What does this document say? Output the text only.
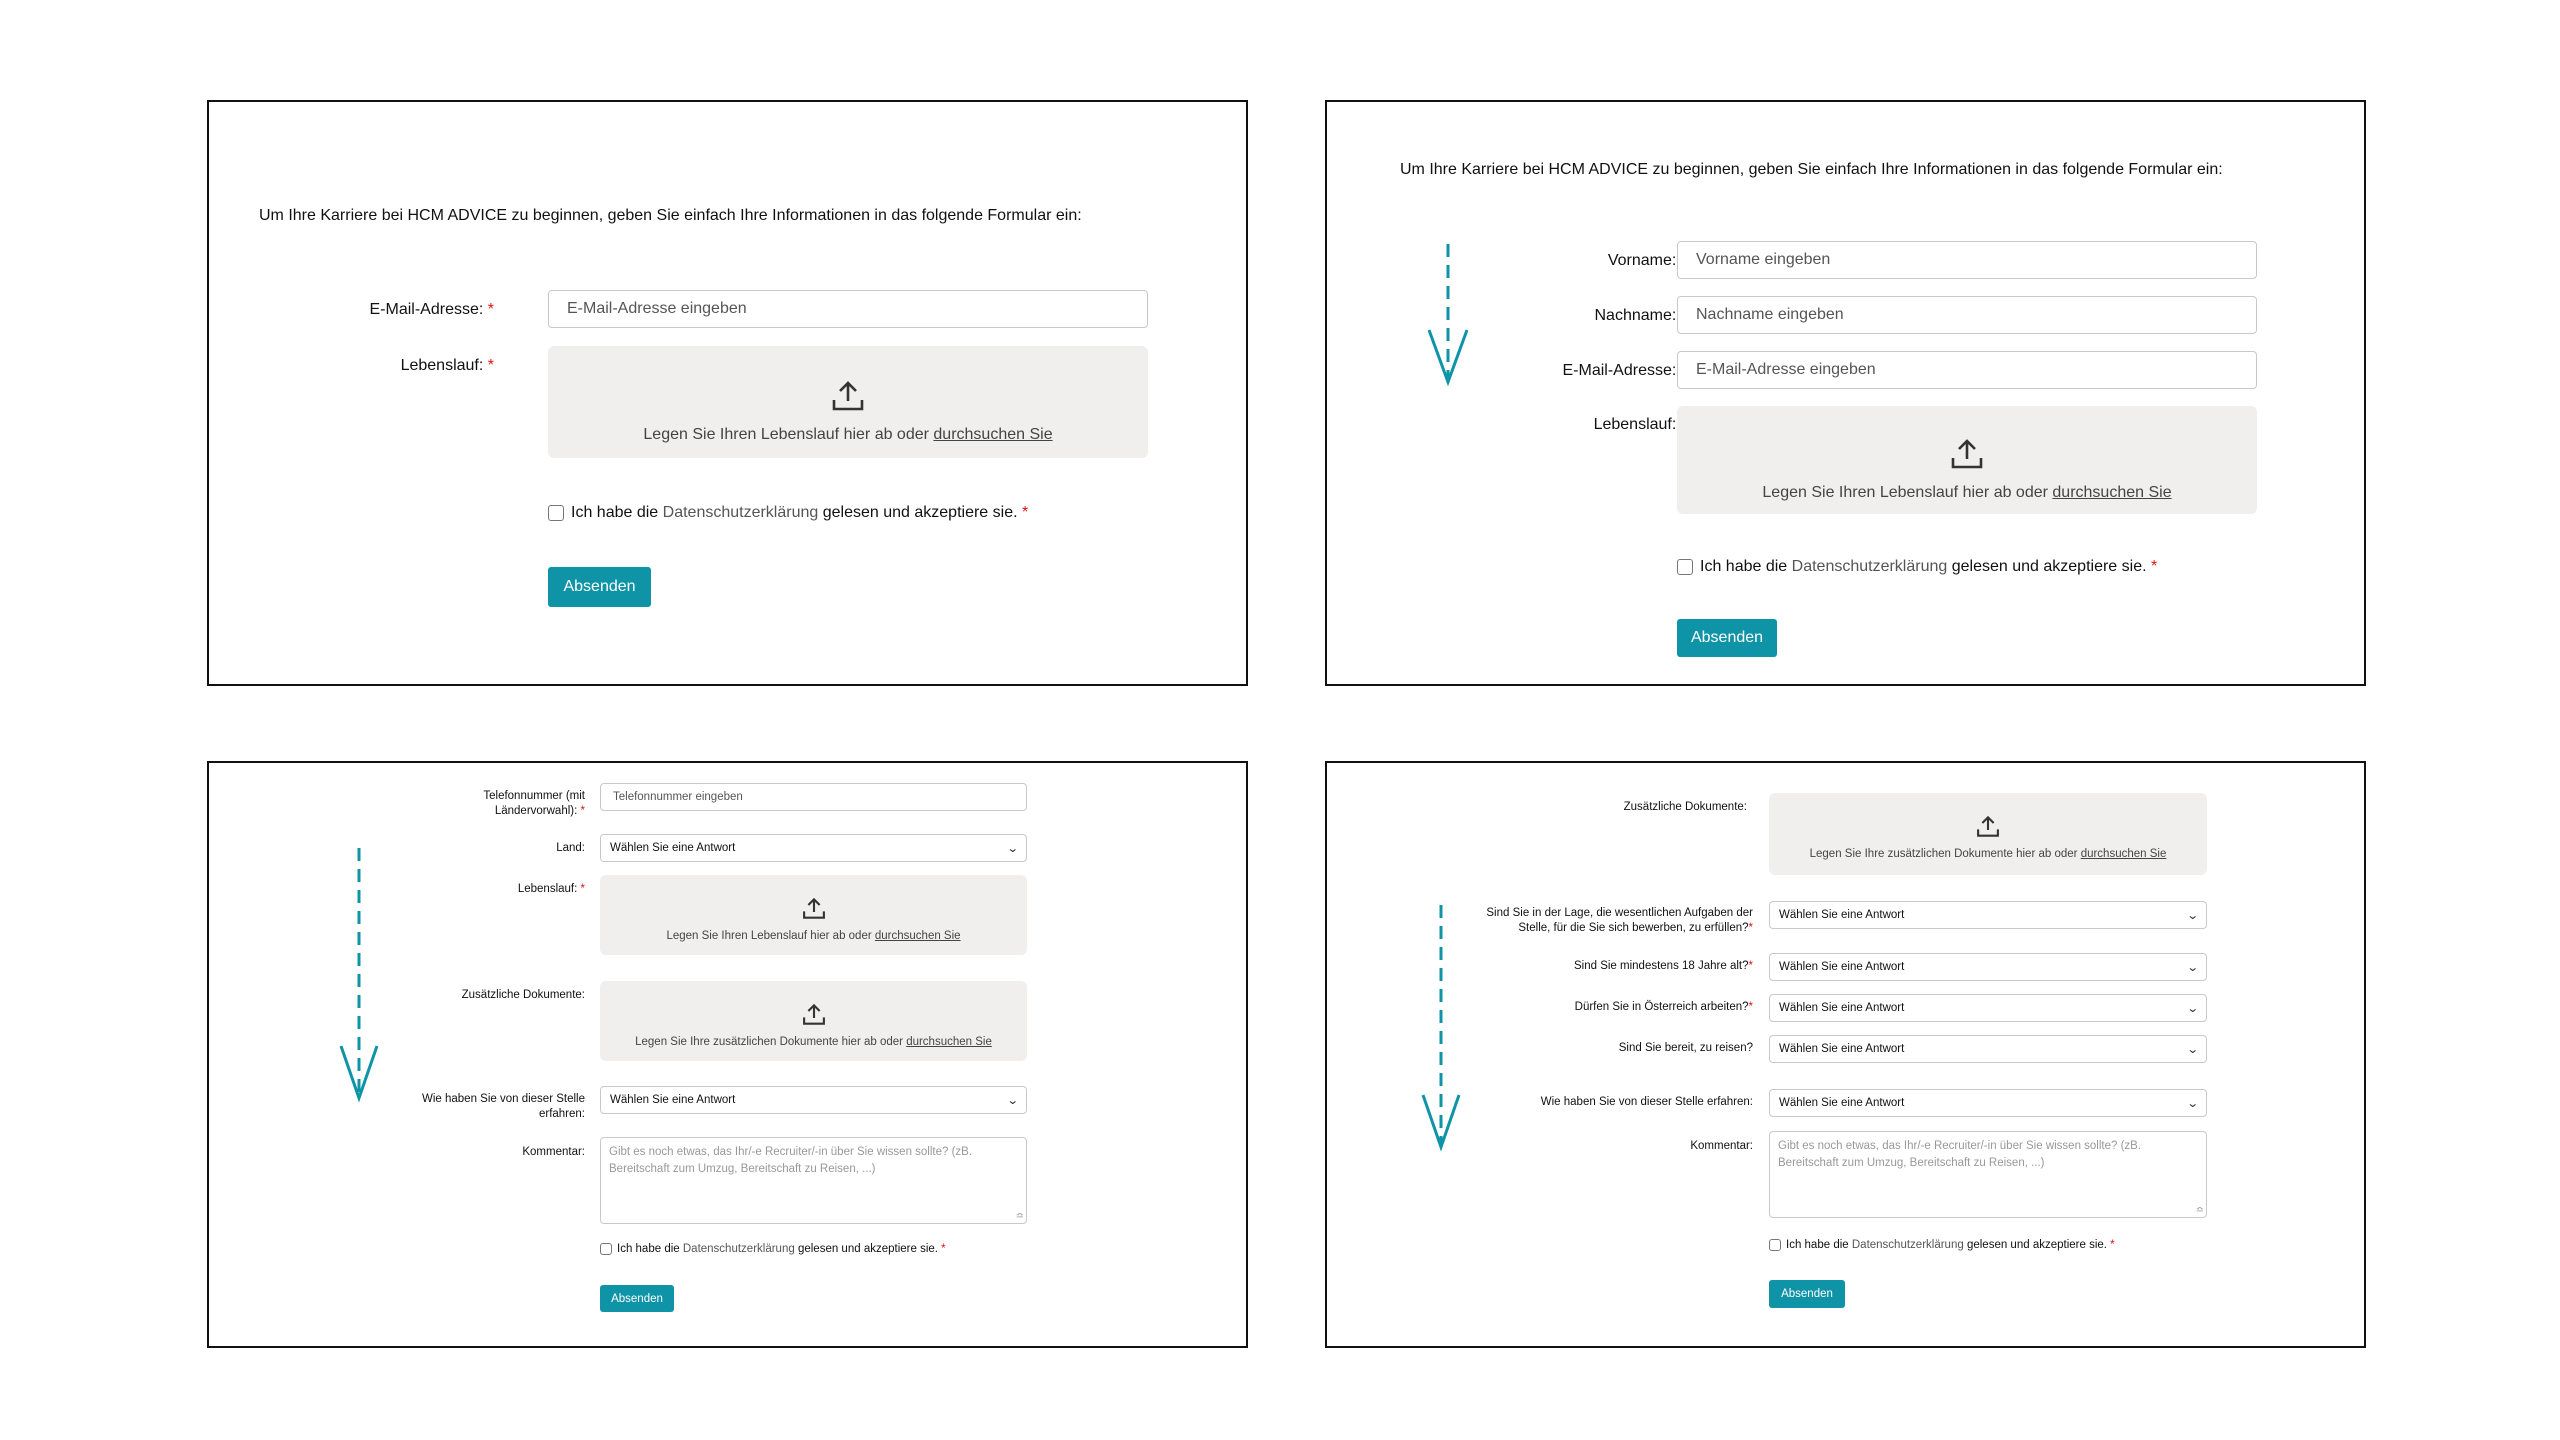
Um Ihre Karriere bei HCM ADVICE zu beginnen, geben Sie einfach Ihre Informationen in das folgende Formular ein:
E-Mail-Adresse: *	E-Mail-Adresse eingeben
Lebenslauf: *
Legen Sie Ihren Lebenslauf hier ab oder durchsuchen Sie
Ich habe die
Datenschutzerklärung
gelesen und akzeptiere sie.
*
Absenden
Um Ihre Karriere bei HCM ADVICE zu beginnen, geben Sie einfach Ihre Informationen in das folgende Formular ein:
Vorname:	Vorname eingeben
Nachname:	Nachname eingeben
E-Mail-Adresse:	E-Mail-Adresse eingeben
Lebenslauf:
Legen Sie Ihren Lebenslauf hier ab oder durchsuchen Sie
Ich habe die
Datenschutzerklärung
gelesen und akzeptiere sie.
*
Absenden
Telefonnummer (mit Ländervorwahl): *
Telefonnummer eingeben
Land: Wählen Sie eine Antwort	⌄
Lebenslauf: *
Legen Sie Ihren Lebenslauf hier ab oder durchsuchen Sie
Zusätzliche Dokumente:
Legen Sie Ihre zusätzlichen Dokumente hier ab oder durchsuchen Sie
Wie haben Sie von dieser Stelle erfahren:
Wählen Sie eine Antwort	⌄
Kommentar:	Gibt es noch etwas, das Ihr/-e Recruiter/-in über Sie wissen sollte? (zB. Bereitschaft zum Umzug, Bereitschaft zu Reisen, ...)
≏
Ich habe die
Datenschutzerklärung
gelesen und akzeptiere sie.
*
Absenden
Zusätzliche Dokumente:
Legen Sie Ihre zusätzlichen Dokumente hier ab oder durchsuchen Sie
Sind Sie in der Lage, die wesentlichen Aufgaben der Stelle, für die Sie sich bewerben, zu erfüllen?*
Wählen Sie eine Antwort	⌄
Sind Sie mindestens 18 Jahre alt?* Wählen Sie eine Antwort	⌄
Dürfen Sie in Österreich arbeiten?* Wählen Sie eine Antwort	⌄
Sind Sie bereit, zu reisen? Wählen Sie eine Antwort	⌄
Wie haben Sie von dieser Stelle erfahren: Wählen Sie eine Antwort	⌄
Kommentar:	Gibt es noch etwas, das Ihr/-e Recruiter/-in über Sie wissen sollte? (zB. Bereitschaft zum Umzug, Bereitschaft zu Reisen, ...)
≏
Ich habe die
Datenschutzerklärung
gelesen und akzeptiere sie.
*
Absenden
